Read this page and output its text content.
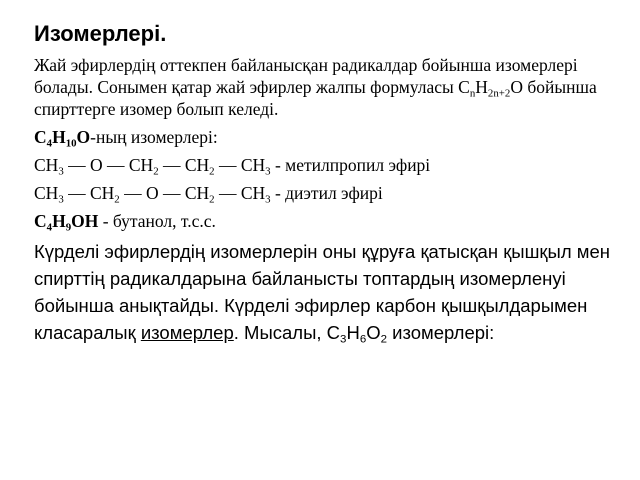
Изомерлері.
Жай эфирлердің оттекпен байланысқан радикалдар бойынша изомерлері болады. Сонымен қатар жай эфирлер жалпы формуласы $C_nH_{2n+2}O$ бойынша спирттерге изомер болып келеді.
$C_4H_{10}O$-ның изомерлері:
$CH_3$ — O — $CH_2$ — $CH_2$ — $CH_3$ - метилпропил эфирі
$CH_3$ — $CH_2$ — O — $CH_2$ — $CH_3$ - диэтил эфирі
$C_4H_9OH$ - бутанол, т.с.с.
Күрделі эфирлердің изомерлерін оны құруға қатысқан қышқыл мен спирттің радикалдарына байланысты топтардың изомерленуі бойынша анықтайды. Күрделі эфирлер карбон қышқылдарымен класаралық изомерлер. Мысалы, $C_3H_6O_2$ изомерлері:
